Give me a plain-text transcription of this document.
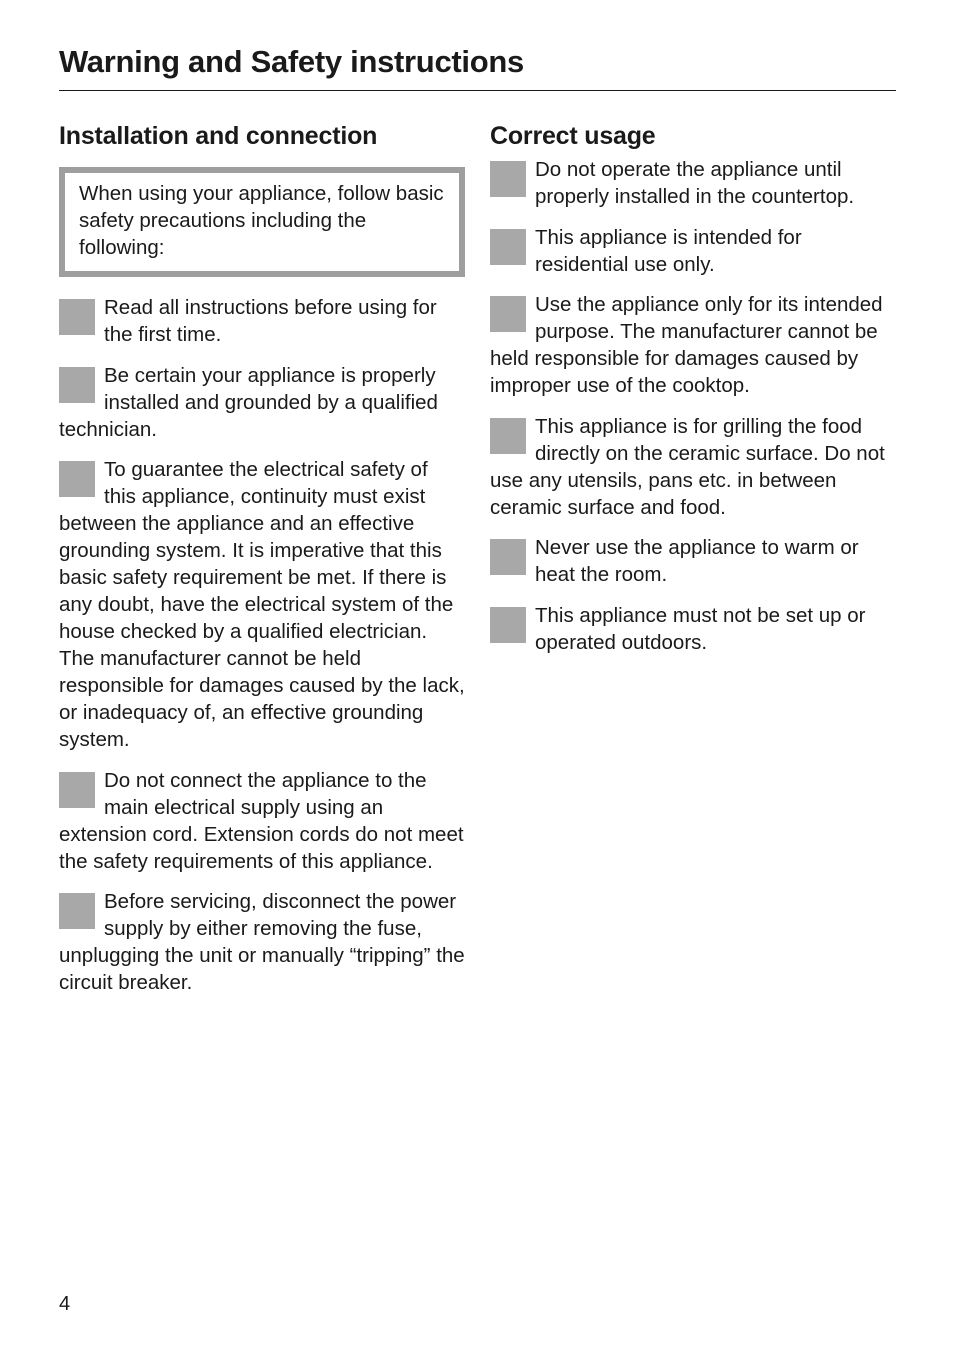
Warning and Safety instructions
Installation and connection
When using your appliance, follow basic safety precautions including the following:
Read all instructions before using for the first time.
Be certain your appliance is properly installed and grounded by a qualified technician.
To guarantee the electrical safety of this appliance, continuity must exist between the appliance and an effective grounding system. It is imperative that this basic safety requirement be met. If there is any doubt, have the electrical system of the house checked by a qualified electrician. The manufacturer cannot be held responsible for damages caused by the lack, or inadequacy of, an effective grounding system.
Do not connect the appliance to the main electrical supply using an extension cord. Extension cords do not meet the safety requirements of this appliance.
Before servicing, disconnect the power supply by either removing the fuse, unplugging the unit or manually “tripping” the circuit breaker.
Correct usage
Do not operate the appliance until properly installed in the countertop.
This appliance is intended for residential use only.
Use the appliance only for its intended purpose. The manufacturer cannot be held responsible for damages caused by improper use of the cooktop.
This appliance is for grilling the food directly on the ceramic surface. Do not use any utensils, pans etc. in between ceramic surface and food.
Never use the appliance to warm or heat the room.
This appliance must not be set up or operated outdoors.
4
